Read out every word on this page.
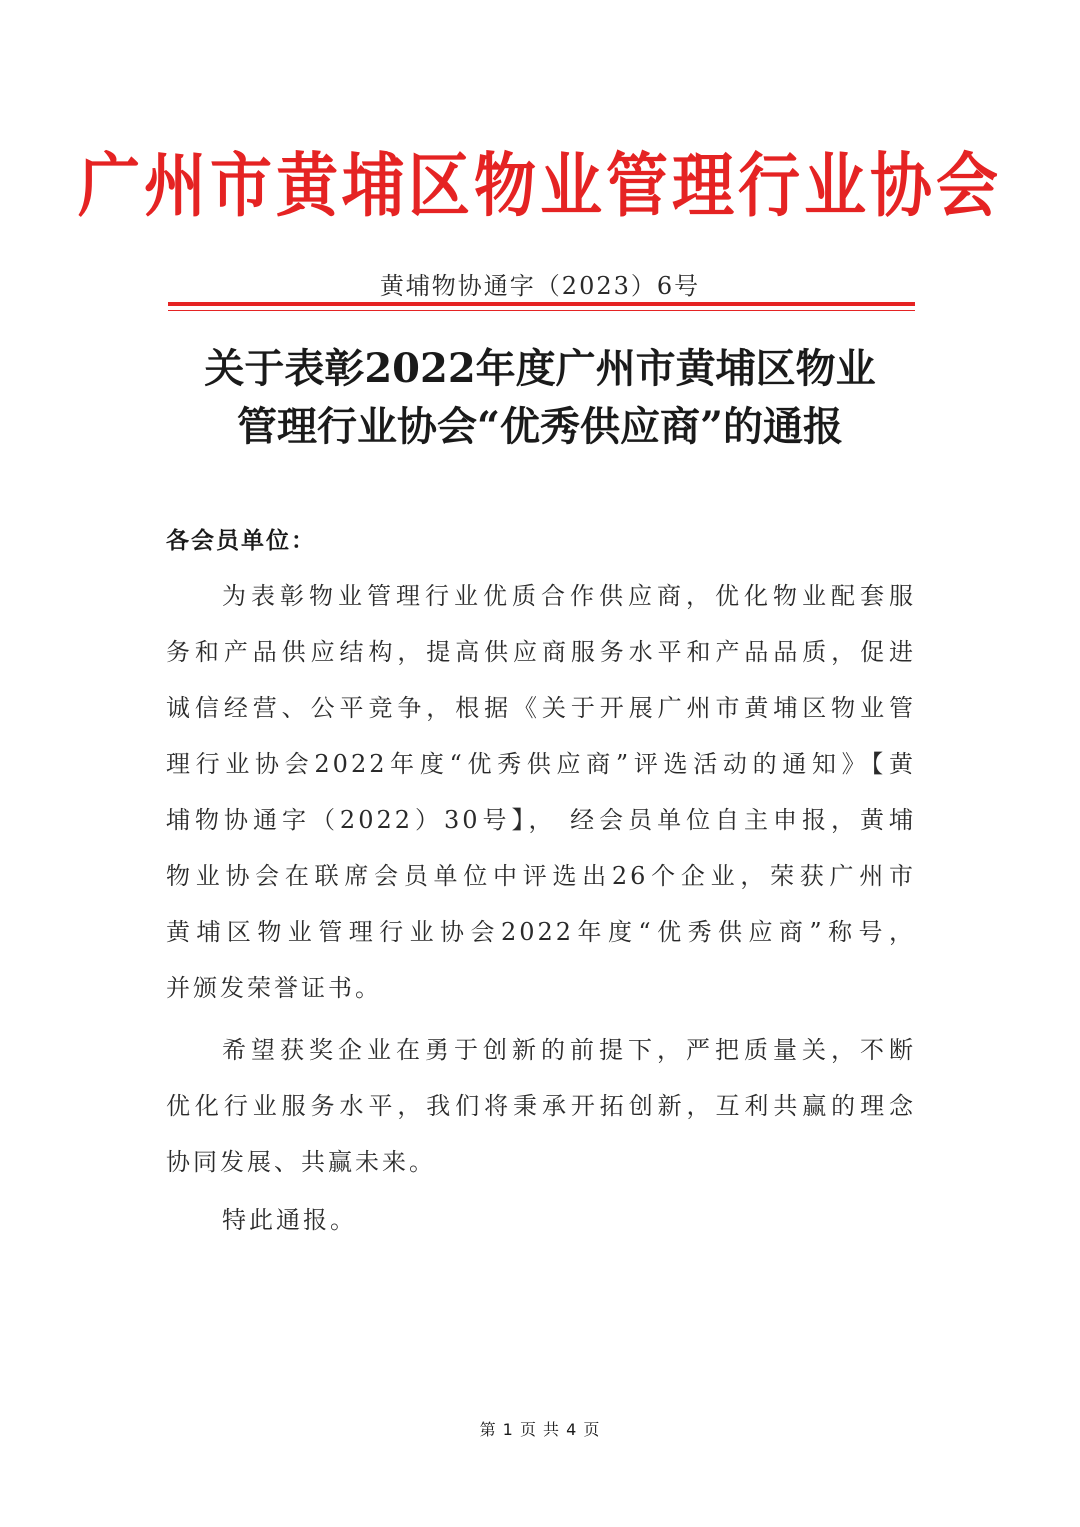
广州市黄埔区物业管理行业协会
黄埔物协通字（2023）6号
关于表彰2022年度广州市黄埔区物业
管理行业协会“优秀供应商”的通报
各会员单位：
为表彰物业管理行业优质合作供应商，优化物业配套服
务和产品供应结构，提高供应商服务水平和产品品质，促进
诚信经营、公平竞争，根据《关于开展广州市黄埔区物业管
理行业协会2022年度“优秀供应商”评选活动的通知》【黄
埔物协通字（2022）30号】， 经会员单位自主申报，黄埔
物业协会在联席会员单位中评选出26个企业，荣获广州市
黄埔区物业管理行业协会2022年度“优秀供应商”称号，
并颁发荣誉证书。
希望获奖企业在勇于创新的前提下，严把质量关，不断
优化行业服务水平，我们将秉承开拓创新，互利共赢的理念
协同发展、共赢未来。
特此通报。
第 1 页 共 4 页
